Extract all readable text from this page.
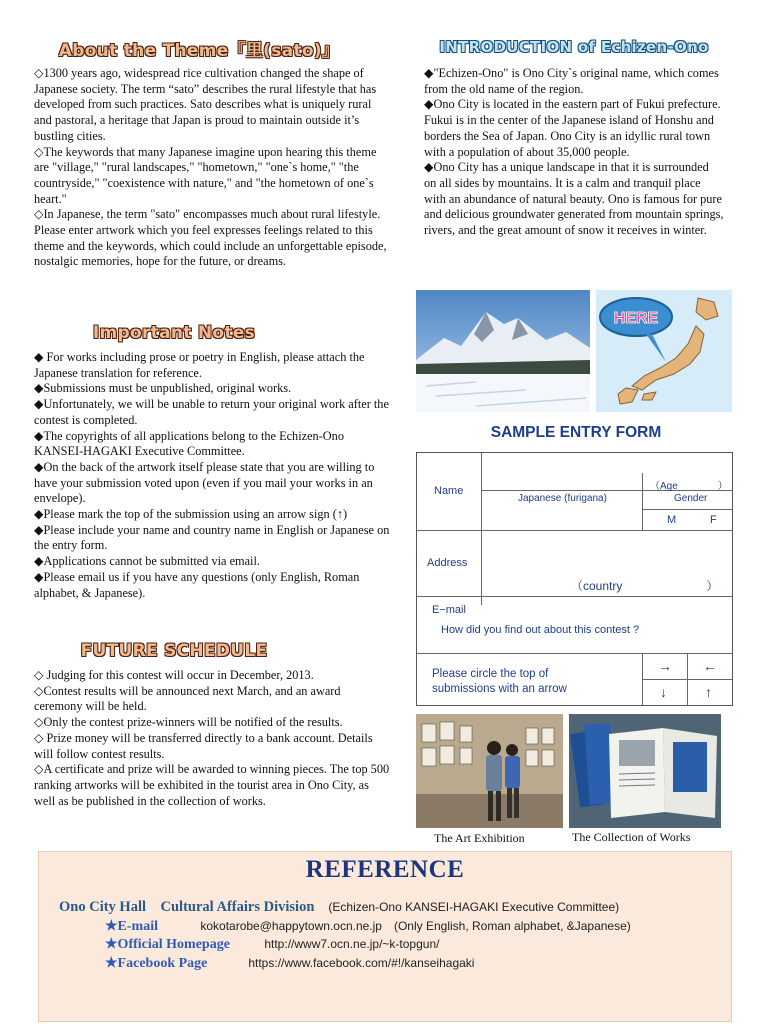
About the Theme『里(sato)』

◇1300 years ago, widespread rice cultivation changed the shape of Japanese society. The term “sato” describes the rural lifestyle that has developed from such practices. Sato describes what is uniquely rural and pastoral, a heritage that Japan is proud to maintain outside it’s bustling cities.

◇The keywords that many Japanese imagine upon hearing this theme are "village," "rural landscapes," "hometown," "one`s home," "the countryside," "coexistence with nature," and "the hometown of one`s heart."

◇In Japanese, the term "sato" encompasses much about rural lifestyle. Please enter artwork which you feel expresses feelings related to this theme and the keywords, which could include an unforgettable episode, nostalgic memories, hope for the future, or dreams.

Important Notes

◆ For works including prose or poetry in English, please attach the Japanese translation for reference.

◆Submissions must be unpublished, original works.

◆Unfortunately, we will be unable to return your original work after the contest is completed.

◆The copyrights of all applications belong to the Echizen-Ono KANSEI-HAGAKI Executive Committee.

◆On the back of the artwork itself please state that you are willing to have your submission voted upon (even if you mail your works in an envelope).

◆Please mark the top of the submission using an arrow sign (↑)

◆Please include your name and country name in English or Japanese on the entry form.

◆Applications cannot be submitted via email.

◆Please email us if you have any questions (only English, Roman alphabet, & Japanese).

FUTURE SCHEDULE

◇ Judging for this contest will occur in December, 2013.

◇Contest results will be announced next March, and an award ceremony will be held.

◇Only the contest prize-winners will be notified of the results.

◇ Prize money will be transferred directly to a bank account. Details will follow contest results.

◇A certificate and prize will be awarded to winning pieces. The top 500 ranking artworks will be exhibited in the tourist area in Ono City, as well as be published in the collection of works.

INTRODUCTION of Echizen-Ono

◆"Echizen-Ono" is Ono City`s original name, which comes from the old name of the region.

◆Ono City is located in the eastern part of Fukui prefecture. Fukui is in the center of the Japanese island of Honshu and borders the Sea of Japan. Ono City is an idyllic rural town with a population of about 35,000 people.

◆Ono City has a unique landscape in that it is surrounded on all sides by mountains. It is a calm and tranquil place with an abundance of natural beauty. Ono is famous for pure and delicious groundwater generated from mountain springs, rivers, and the great amount of snow it receives in winter.

HERE
SAMPLE ENTRY FORM
Name	（Age　　　　）
Japanese (furigana)	Gender
M	F
Address
（country　　　　　　　）
E−mail
How did you find out about this contest ?
Please circle the top of
submissions with an arrow
→ ←
↓	↑
The Art Exhibition	The Collection of Works
REFERENCE
Ono City Hall　Cultural Affairs Division (Echizen-Ono KANSEI-HAGAKI Executive Committee)
★E-mail	kokotarobe@happytown.ocn.ne.jp　(Only English, Roman alphabet, &Japanese)
★Official Homepage	http://www7.ocn.ne.jp/~k-topgun/
★Facebook Page	https://www.facebook.com/#!/kanseihagaki
